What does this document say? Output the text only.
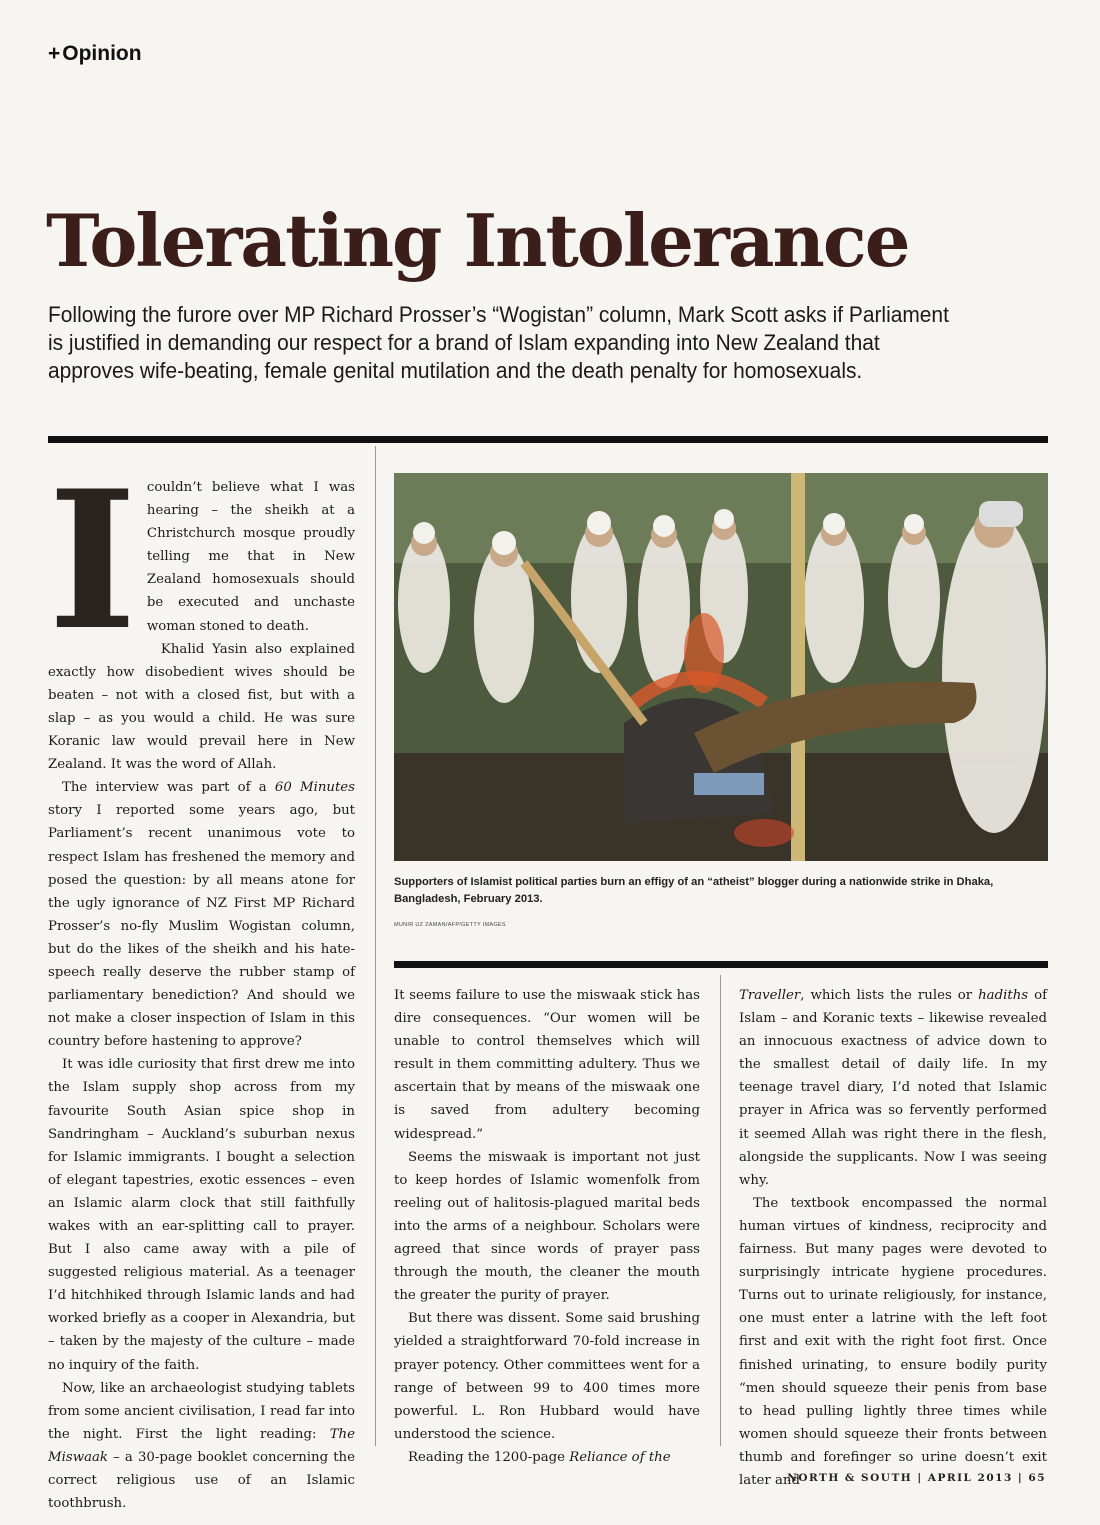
+Opinion
Tolerating Intolerance
Following the furore over MP Richard Prosser’s “Wogistan” column, Mark Scott asks if Parliament is justified in demanding our respect for a brand of Islam expanding into New Zealand that approves wife-beating, female genital mutilation and the death penalty for homosexuals.

Icouldn’t believe what I was hearing – the sheikh at a Christchurch mosque proudly telling me that in New Zealand homosexuals should be executed and unchaste woman stoned to death.

Khalid Yasin also explained exactly how disobedient wives should be beaten – not with a closed fist, but with a slap – as you would a child. He was sure Koranic law would prevail here in New Zealand. It was the word of Allah.

The interview was part of a 60 Minutes story I reported some years ago, but Parliament’s recent unanimous vote to respect Islam has freshened the memory and posed the question: by all means atone for the ugly ignorance of NZ First MP Richard Prosser’s no-fly Muslim Wogistan column, but do the likes of the sheikh and his hate-speech really deserve the rubber stamp of parliamentary benediction? And should we not make a closer inspection of Islam in this country before hastening to approve?

It was idle curiosity that first drew me into the Islam supply shop across from my favourite South Asian spice shop in Sandringham – Auckland’s suburban nexus for Islamic immigrants. I bought a selection of elegant tapestries, exotic essences – even an Islamic alarm clock that still faithfully wakes with an ear-splitting call to prayer. But I also came away with a pile of suggested religious material. As a teenager I’d hitchhiked through Islamic lands and had worked briefly as a cooper in Alexandria, but – taken by the majesty of the culture – made no inquiry of the faith.

Now, like an archaeologist studying tablets from some ancient civilisation, I read far into the night. First the light reading: The Miswaak – a 30-page booklet concerning the correct religious use of an Islamic toothbrush.

Supporters of Islamist political parties burn an effigy of an “atheist” blogger during a nationwide strike in Dhaka, Bangladesh, February 2013.
MUNIR UZ ZAMAN/AFP/GETTY IMAGES

It seems failure to use the miswaak stick has dire consequences. “Our women will be unable to control themselves which will result in them committing adultery. Thus we ascertain that by means of the miswaak one is saved from adultery becoming widespread.”

Seems the miswaak is important not just to keep hordes of Islamic womenfolk from reeling out of halitosis-plagued marital beds into the arms of a neighbour. Scholars were agreed that since words of prayer pass through the mouth, the cleaner the mouth the greater the purity of prayer.

But there was dissent. Some said brushing yielded a straightforward 70-fold increase in prayer potency. Other committees went for a range of between 99 to 400 times more powerful. L. Ron Hubbard would have understood the science.

Reading the 1200-page Reliance of the

Traveller, which lists the rules or hadiths of Islam – and Koranic texts – likewise revealed an innocuous exactness of advice down to the smallest detail of daily life. In my teenage travel diary, I’d noted that Islamic prayer in Africa was so fervently performed it seemed Allah was right there in the flesh, alongside the supplicants. Now I was seeing why.

The textbook encompassed the normal human virtues of kindness, reciprocity and fairness. But many pages were devoted to surprisingly intricate hygiene procedures. Turns out to urinate religiously, for instance, one must enter a latrine with the left foot first and exit with the right foot first. Once finished urinating, to ensure bodily purity “men should squeeze their penis from base to head pulling lightly three times while women should squeeze their fronts between thumb and forefinger so urine doesn’t exit later and

NORTH & SOUTH | APRIL 2013 | 65
